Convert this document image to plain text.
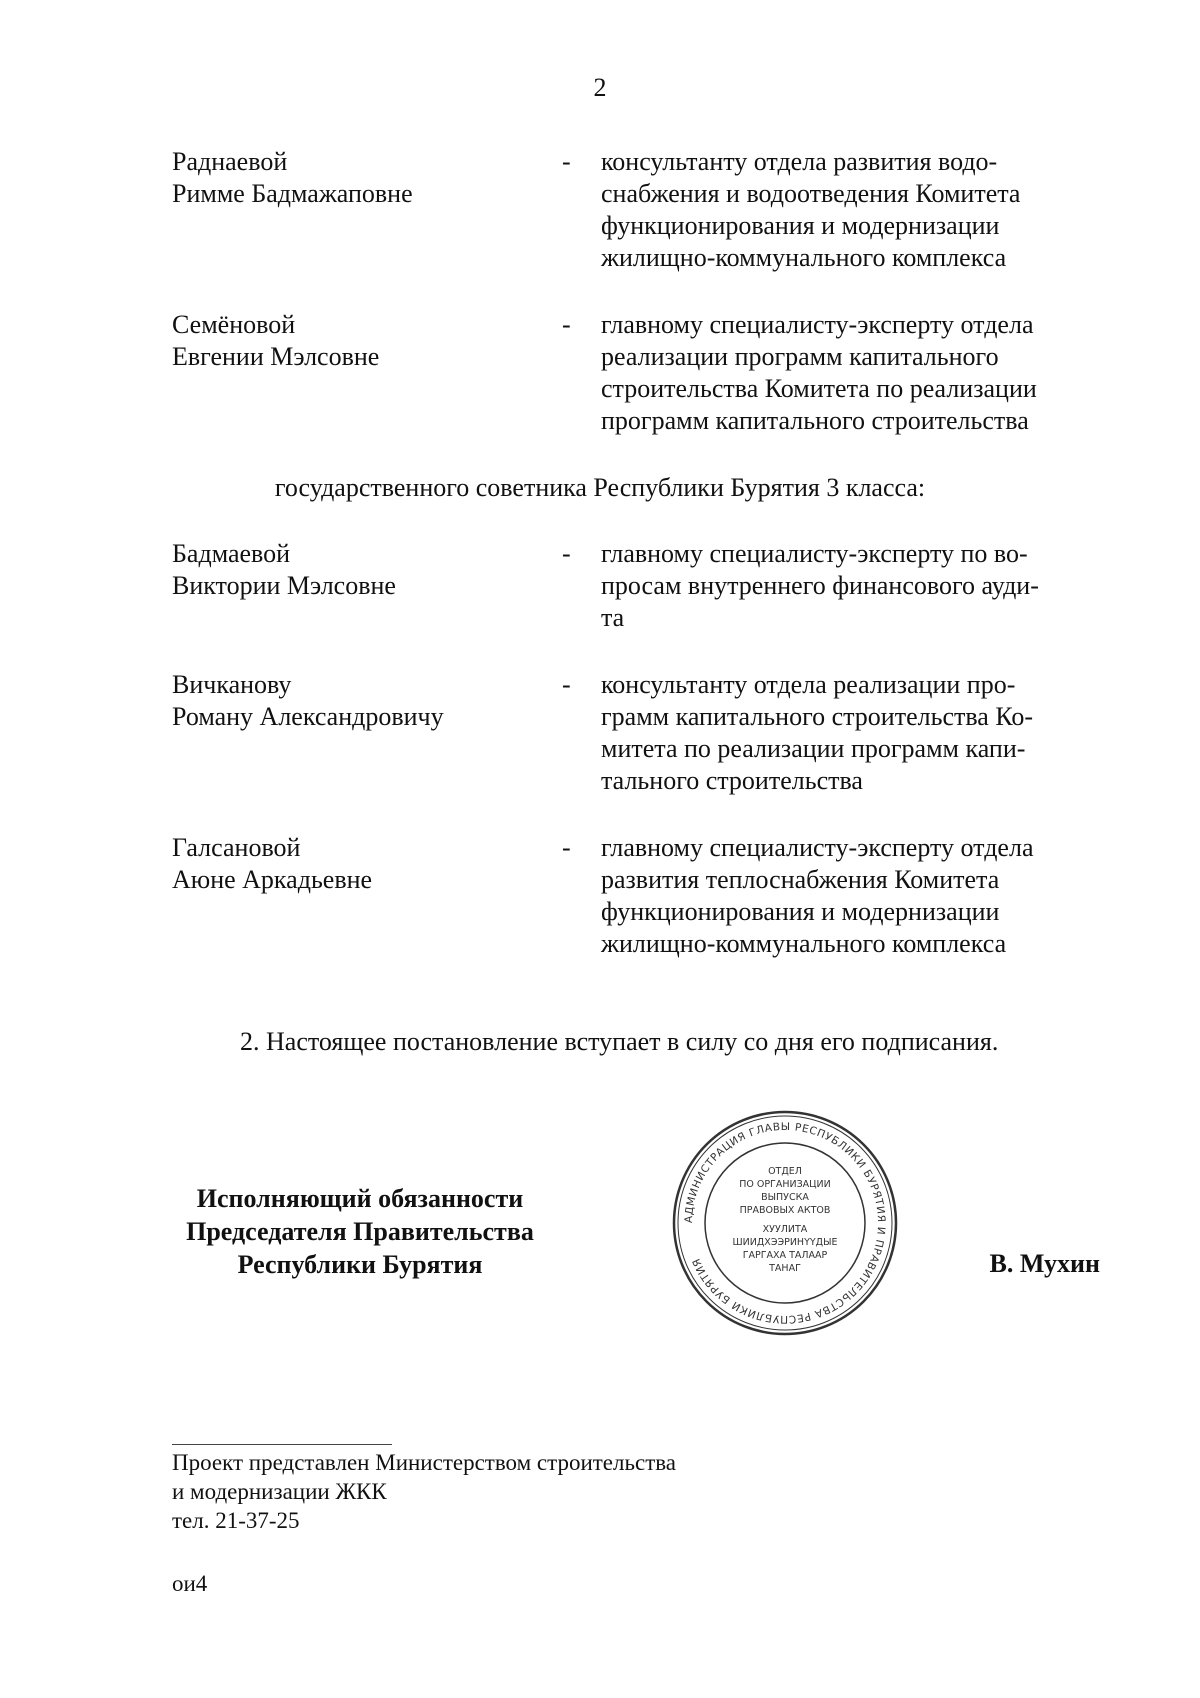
2
Раднаевой
Римме Бадмажаповне
-	консультанту отдела развития водо-
снабжения и водоотведения Комитета
функционирования и модернизации
жилищно-коммунального комплекса
Семёновой
Евгении Мэлсовне
-	главному специалисту-эксперту отдела
реализации программ капитального
строительства Комитета по реализации
программ капитального строительства
государственного советника Республики Бурятия 3 класса:
Бадмаевой
Виктории Мэлсовне
-	главному специалисту-эксперту по во-
просам внутреннего финансового ауди-
та
Вичканову
Роману Александровичу
-	консультанту отдела реализации про-
грамм капитального строительства Ко-
митета по реализации программ капи-
тального строительства
Галсановой
Аюне Аркадьевне
-	главному специалисту-эксперту отдела
развития теплоснабжения Комитета
функционирования и модернизации
жилищно-коммунального комплекса
2. Настоящее постановление вступает в силу со дня его подписания.
Исполняющий обязанности
Председателя Правительства
Республики Бурятия
АДМИНИСТРАЦИЯ ГЛАВЫ РЕСПУБЛИКИ БУРЯТИЯ И ПРАВИТЕЛЬСТВА РЕСПУБЛИКИ БУРЯТИЯ
ОТДЕЛ
ПО ОРГАНИЗАЦИИ
ВЫПУСКА
ПРАВОВЫХ АКТОВ
ХУУЛИТА
ШИИДХЭЭРИНҮҮДЫЕ
ГАРГАХА ТАЛААР
ТАНАГ	В. Мухин
Проект представлен Министерством строительства
и модернизации ЖКК
тел. 21-37-25
ои4
